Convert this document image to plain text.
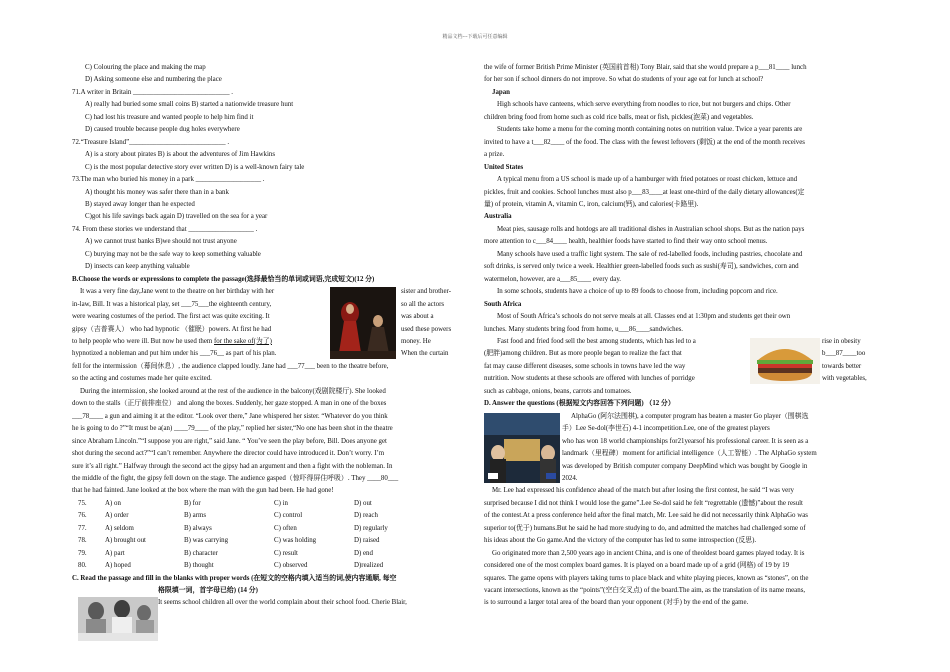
精品文档---下载后可任意编辑
C) Colouring the place and making the map
D) Asking someone else and numbering the place
71.A writer in Britain ____________________________ .
A) really had buried some small coins B) started a nationwide treasure hunt
C) had lost his treasure and wanted people to help him find it
D) caused trouble because people dug holes everywhere
72.“Treasure Island”____________________________ .
A) is a story about pirates B) is about the adventures of Jim Hawkins
C) is the most popular detective story ever written D) is a well-known fairy tale
73.The man who buried his money in a park ___________________ .
A) thought his money was safer there than in a bank
B) stayed away longer than he expected
C)got his life savings back again D) travelled on the sea for a year
74. From these stories we understand that ___________________ .
A) we cannot trust banks B)we should not trust anyone
C) burying may not be the safe way to keep something valuable
D) insects can keep anything valuable
B.Choose the words or expressions to complete the passage(选择最恰当的单词或词语,完成短文)(12 分)
It was a very fine day,Jane went to the theatre on her birthday with her
in-law, Bill. It was a historical play, set ___75___the eighteenth century,
were wearing costumes of the period. The first act was quite exciting. It
gipsy（吉普赛人） who had hypnotic （催眠）powers. At first he had
to help people who were ill. But now he used them for the sake of(为了)
hypnotized a nobleman and put him under his ___76__ as part of his plan.
sister and brother-
so all the actors
was about a
used these powers
money. He
When the curtain
fell for the intermission（幕间休息）, the audience clapped loudly. Jane had ___77___ been to the theatre before,
so the acting and costumes made her quite excited.
During the intermission, she looked around at the rest of the audience in the balcony(戏剧院楼厅). She looked
down to the stalls（正厅前排座位） and along the boxes. Suddenly, her gaze stopped. A man in one of the boxes
___78____ a gun and aiming it at the editor. “Look over there,” Jane whispered her sister. “Whatever do you think
he is going to do ?”“It must be a(an) ____79____ of the play,” replied her sister,“No one has been shot in the theatre
since Abraham Lincoln.”“I suppose you are right,” said Jane. “ You’ve seen the play before, Bill. Does anyone get
shot during the second act?”“I can’t remember. Anywhere the director could have introduced it. Don’t worry. I’m
sure it’s all right.” Halfway through the second act the gipsy had an argument and then a fight with the nobleman. In
the middle of the fight, the gipsy fell down on the stage. The audience gasped（惊吓得屏住呼吸）. They ____80___
that he had fainted. Jane looked at the box where the man with the gun had been. He had gone!
75.	A) on	B) for	C) in	D) out
76.	A) order	B) arms	C) control	D) reach
77.	A) seldom	B) always	C) often	D) regularly
78.	A) brought out	B) was carrying	C) was holding	D) raised
79.	A) part	B) character	C) result	D) end
80.	A) hoped	B) thought	C) observed	D)realized
C. Read the passage and fill in the blanks with proper words (在短文的空格内填入适当的词,使内容通顺, 每空
格限填一词，首字母已给) (14 分)
It seems school children all over the world complain about their school food. Cherie Blair,
the wife of former British Prime Minister (英国前首相) Tony Blair, said that she would prepare a p___81____ lunch
for her son if school dinners do not improve. So what do students of your age eat for lunch at school?
Japan
High schools have canteens, which serve everything from noodles to rice, but not burgers and chips. Other
children bring food from home such as cold rice balls, meat or fish, pickles(泡菜) and vegetables.
Students take home a menu for the coming month containing notes on nutrition value. Twice a year parents are
invited to have a t___82____ of the food. The class with the fewest leftovers (剩饭) at the end of the month receives
a prize.
United States
A typical menu from a US school is made up of a hamburger with fried potatoes or roast chicken, lettuce and
pickles, fruit and cookies. School lunches must also p___83____at least one-third of the daily dietary allowances(定
量) of protein, vitamin A, vitamin C, iron, calcium(钙), and calories(卡路里).
Australia
Meat pies, sausage rolls and hotdogs are all traditional dishes in Australian school shops. But as the nation pays
more attention to c___84____ health, healthier foods have started to find their way onto school menus.
Many schools have used a traffic light system. The sale of red-labelled foods, including pastries, chocolate and
soft drinks, is served only twice a week. Healthier green-labelled foods such as sushi(寿司), sandwiches, corn and
watermelon, however, are a___85____ every day.
In some schools, students have a choice of up to 89 foods to choose from, including popcorn and rice.
South Africa
Most of South Africa’s schools do not serve meals at all. Classes end at 1:30pm and students get their own
lunches. Many students bring food from home, u___86____sandwiches.
Fast food and fried food sell the best among students, which has led to a
(肥胖)among children. But as more people began to realize the fact that
fat may cause different diseases, some schools in towns have led the way
nutrition. Now students at these schools are offered with lunches of porridge
rise in obesity
b___87____too
towards better
with vegetables,
such as cabbage, onions, beans, carrots and tomatoes.
D. Answer the questions (根据短文内容回答下列问题) （12 分）
AlphaGo (阿尔法围棋), a computer program has beaten a master Go player（围棋选
手）Lee Se-dol(李世石) 4-1 incompetition.Lee, one of the greatest players
who has won 18 world championships for21yearsof his professional career. It is seen as a
landmark（里程碑）moment for artificial intelligence（人工智能）. The AlphaGo system
was developed by British computer company DeepMind which was bought by Google in
2024.
Mr. Lee had expressed his confidence ahead of the match but after losing the first contest, he said “I was very
surprised because I did not think I would lose the game”.Lee Se-dol said he felt “regrettable (遗憾)”about the result
of the contest.At a press conference held after the final match, Mr. Lee said he did not necessarily think AlphaGo was
superior to(优于) humans.But he said he had more studying to do, and admitted the matches had challenged some of
his ideas about the Go game.And the victory of the computer has led to some introspection (反思).
Go originated more than 2,500 years ago in ancient China, and is one of theoldest board games played today. It is
considered one of the most complex board games. It is played on a board made up of a grid (网格) of 19 by 19
squares. The game opens with players taking turns to place black and white playing pieces, known as “stones”, on the
vacant intersections, known as the “points”(空白交叉点) of the board.The aim, as the translation of its name means,
is to surround a larger total area of the board than your opponent (对手) by the end of the game.
